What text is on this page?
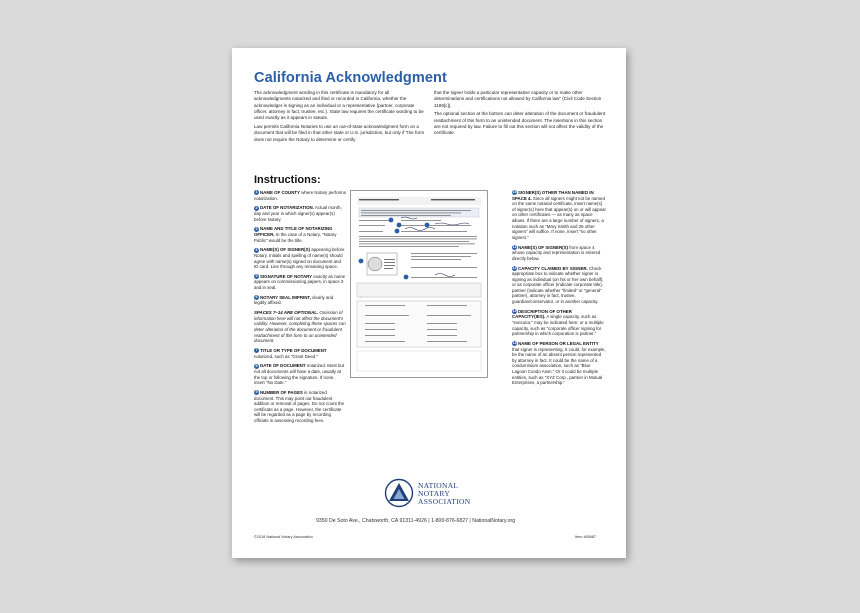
California Acknowledgment

The acknowledgment wording in this certificate is mandatory for all acknowledgments notarized and filed or recorded in California, whether the acknowledger is signing as an individual or a representative (partner, corporate officer, attorney in fact, trustee, etc.). State law requires the certificate wording to be used exactly as it appears in statute.

Law permits California Notaries to use an out-of-state acknowledgment form on a document that will be filed in that other state or U.S. jurisdiction, but only if "the form does not require the Notary to determine or certify

that the signer holds a particular representative capacity or to make other determinations and certifications not allowed by California law" (Civil Code Section 1189[c]).

The optional section at the bottom can deter alteration of the document or fraudulent reattachment of this form to an unintended document. The insertions in this section are not required by law. Failure to fill out this section will not affect the validity of the certificate.

Instructions:
1 NAME OF COUNTY where Notary performs notarization.
2 DATE OF NOTARIZATION. Actual month, day and year in which signer(s) appear(s) before Notary.
3 NAME AND TITLE OF NOTARIZING OFFICER. In the case of a Notary, "Notary Public" would be the title.
4 NAME(S) OF SIGNER(S) appearing before Notary. Initials and spelling of name(s) should agree with name(s) signed on document and ID card. Line through any remaining space.
5 SIGNATURE OF NOTARY exactly as name appears on commissioning papers, in space 3 and in seal.
6 NOTARY SEAL IMPRINT, clearly and legibly affixed.
SPACES 7–14 ARE OPTIONAL. Omission of information here will not affect the document's validity. However, completing these spaces can deter alteration of the document or fraudulent reattachment of this form to an unintended document.
7 TITLE OR TYPE OF DOCUMENT notarized, such as "Grant Deed."
8 DATE OF DOCUMENT notarized. Most but not all documents will have a date, usually at the top or following the signature. If none, insert "No Date."
9 NUMBER OF PAGES in notarized document. This may point out fraudulent addition or removal of pages. Do not count the certificate as a page. However, the certificate will be regarded as a page by recording officials in assessing recording fees.
10 SIGNER(S) OTHER THAN NAMED IN SPACE 4. Since all signers might not be named on the same notarial certificate, insert name(s) of signer(s) here that appear(s) on or will appear on other certificates — as many as space allows. If there are a large number of signers, a notation such as "Mary Smith and 26 other signers" will suffice. If none, insert "no other signers."
11 NAME(S) OF SIGNER(S) from space 4 whose capacity and representation is entered directly below.
12 CAPACITY CLAIMED BY SIGNER. Check appropriate box to indicate whether signer is signing as individual (on his or her own behalf), or as corporate officer (indicate corporate title), partner (indicate whether "limited" or "general" partner), attorney in fact, trustee, guardian/conservator, or in another capacity.
13 DESCRIPTION OF OTHER CAPACITY(IES). A single capacity, such as "executor," may be indicated here; or a multiple capacity, such as "corporate officer signing for partnership in which corporation is partner."
14 NAME OF PERSON OR LEGAL ENTITY that signer is representing. It could, for example, be the name of an absent person represented by attorney in fact. It could be the name of a condominium association, such as "Blue Lagoon Condo Assn." Or it could be multiple entities, such as "XYZ Corp., partner in Mutual Enterprises, a partnership."
NATIONAL
NOTARY
ASSOCIATION
9350 De Soto Ave., Chatsworth, CA 91311-4926 | 1-800-876-6827 | NationalNotary.org
©2018 National Notary Association	Item #55687
